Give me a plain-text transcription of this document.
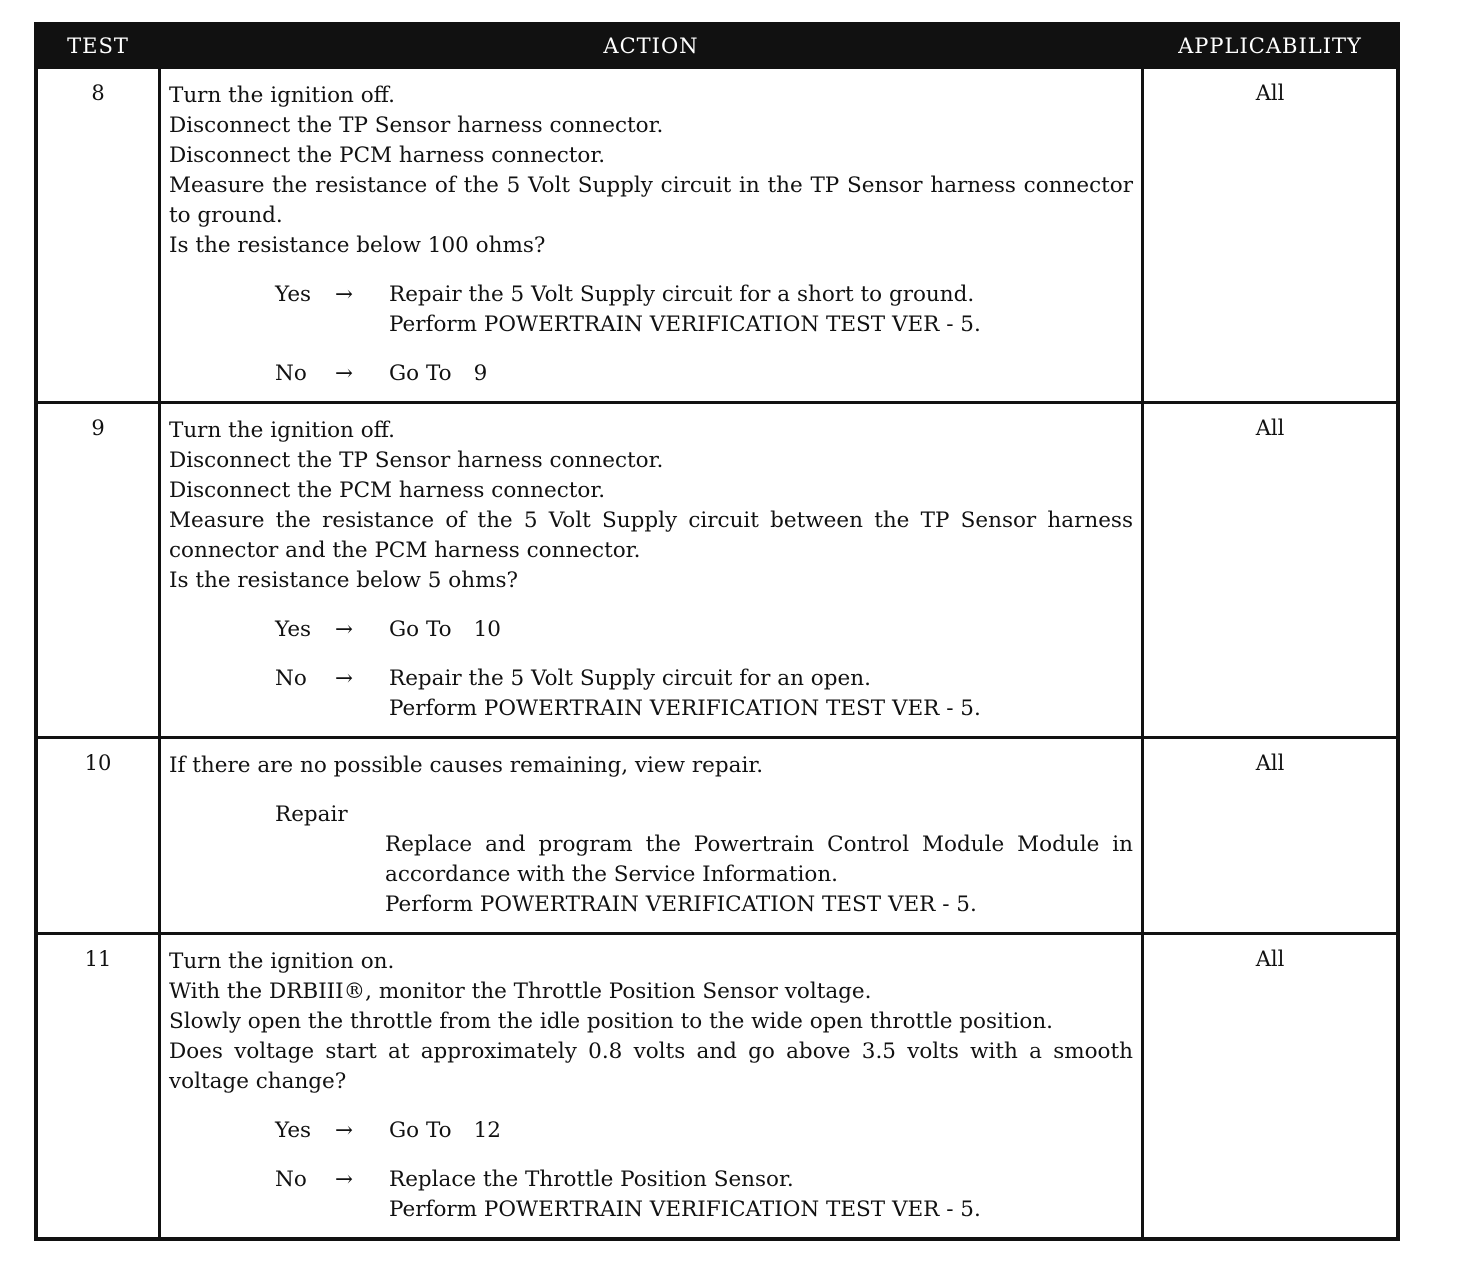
TEST	ACTION	APPLICABILITY
8	Turn the ignition off.
Disconnect the TP Sensor harness connector.
Disconnect the PCM harness connector.
Measure the resistance of the 5 Volt Supply circuit in the TP Sensor harness connector to ground.
Is the resistance below 100 ohms?
Yes	→	Repair the 5 Volt Supply circuit for a short to ground.
Perform POWERTRAIN VERIFICATION TEST VER - 5.
No	→	Go To 9
All
9	Turn the ignition off.
Disconnect the TP Sensor harness connector.
Disconnect the PCM harness connector.
Measure the resistance of the 5 Volt Supply circuit between the TP Sensor harness connector and the PCM harness connector.
Is the resistance below 5 ohms?
Yes	→	Go To 10
No	→	Repair the 5 Volt Supply circuit for an open.
Perform POWERTRAIN VERIFICATION TEST VER - 5.
All
10	If there are no possible causes remaining, view repair.
Repair
Replace and program the Powertrain Control Module Module in accordance with the Service Information.
Perform POWERTRAIN VERIFICATION TEST VER - 5.
All
11	Turn the ignition on.
With the DRBIII®, monitor the Throttle Position Sensor voltage.
Slowly open the throttle from the idle position to the wide open throttle position.
Does voltage start at approximately 0.8 volts and go above 3.5 volts with a smooth voltage change?
Yes	→	Go To 12
No	→	Replace the Throttle Position Sensor.
Perform POWERTRAIN VERIFICATION TEST VER - 5.
All
